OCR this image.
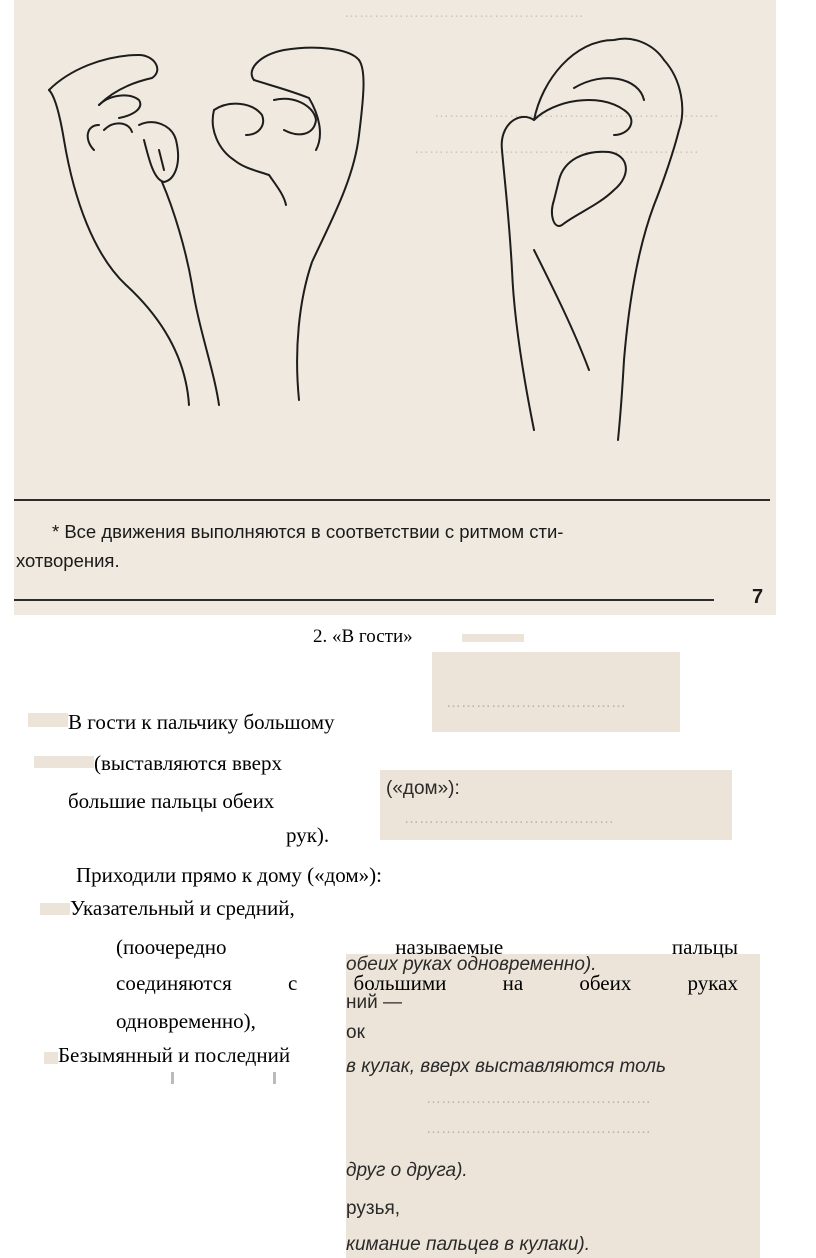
…………………………………………
…………………………………………………
…………………………………………………
* Все движения выполняются в соответствии с ритмом сти-
хотворения.
7
2. «В гости»
………………………………
В гости к пальчику большому
(выставляются вверх
большие пальцы обеих
рук).
(«дом»):
……………………………………
Приходили прямо к дому («дом»):
Указательный и средний,
обеих руках одновременно).
ний —
ок
в кулак, вверх выставляются толь
………………………………………
………………………………………
друг о друга).
рузья,
кимание пальцев в кулаки).
(поочередно называемые пальцы
соединяются с большими на обеих руках
одновременно),
Безымянный и последний
